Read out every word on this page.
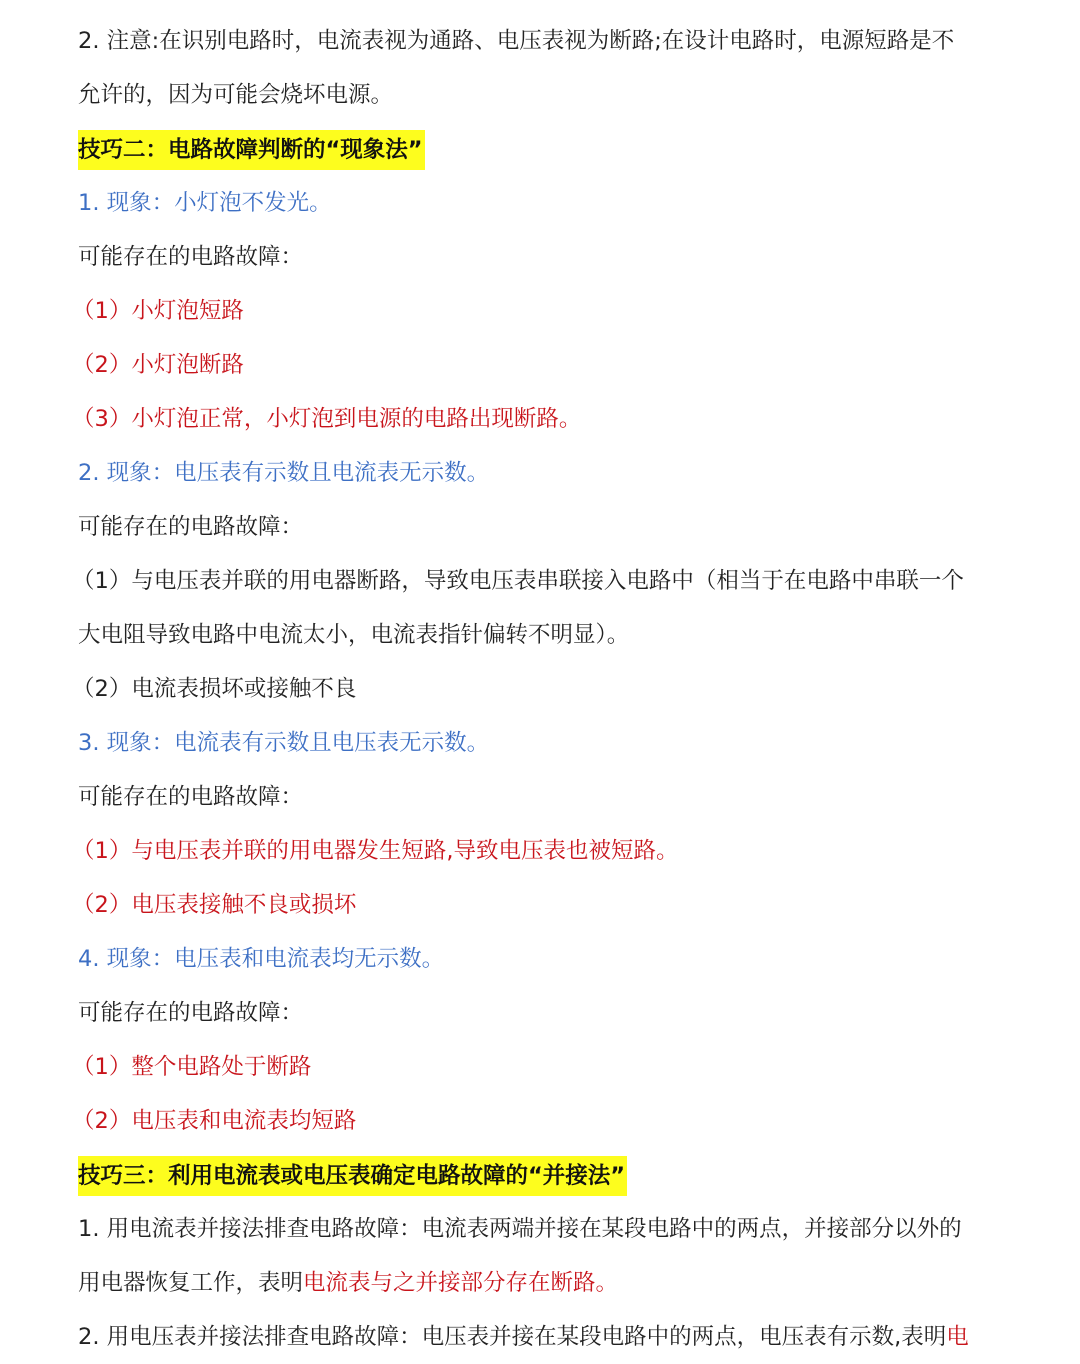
2. 注意:在识别电路时，电流表视为通路、电压表视为断路;在设计电路时，电源短路是不
允许的，因为可能会烧坏电源。
技巧二：电路故障判断的“现象法”
1. 现象：小灯泡不发光。
可能存在的电路故障：
（1）小灯泡短路
（2）小灯泡断路
（3）小灯泡正常，小灯泡到电源的电路出现断路。
2. 现象：电压表有示数且电流表无示数。
可能存在的电路故障：
（1）与电压表并联的用电器断路，导致电压表串联接入电路中（相当于在电路中串联一个
大电阻导致电路中电流太小，电流表指针偏转不明显）。
（2）电流表损坏或接触不良
3. 现象：电流表有示数且电压表无示数。
可能存在的电路故障：
（1）与电压表并联的用电器发生短路,导致电压表也被短路。
（2）电压表接触不良或损坏
4. 现象：电压表和电流表均无示数。
可能存在的电路故障：
（1）整个电路处于断路
（2）电压表和电流表均短路
技巧三：利用电流表或电压表确定电路故障的“并接法”
1. 用电流表并接法排查电路故障：电流表两端并接在某段电路中的两点，并接部分以外的
用电器恢复工作，表明电流表与之并接部分存在断路。
2. 用电压表并接法排查电路故障：电压表并接在某段电路中的两点，电压表有示数,表明电
